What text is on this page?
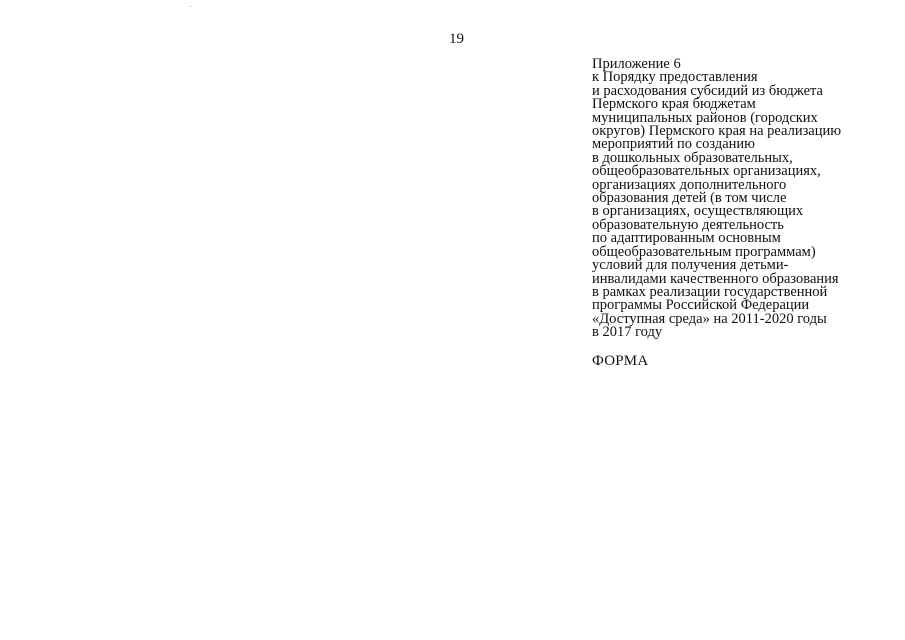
19
Приложение 6
к Порядку предоставления
и расходования субсидий из бюджета
Пермского края бюджетам
муниципальных районов (городских
округов) Пермского края на реализацию
мероприятий по созданию
в дошкольных образовательных,
общеобразовательных организациях,
организациях дополнительного
образования детей (в том числе
в организациях, осуществляющих
образовательную деятельность
по адаптированным основным
общеобразовательным программам)
условий для получения детьми-
инвалидами качественного образования
в рамках реализации государственной
программы Российской Федерации
«Доступная среда» на 2011-2020 годы
в 2017 году
ФОРМА
